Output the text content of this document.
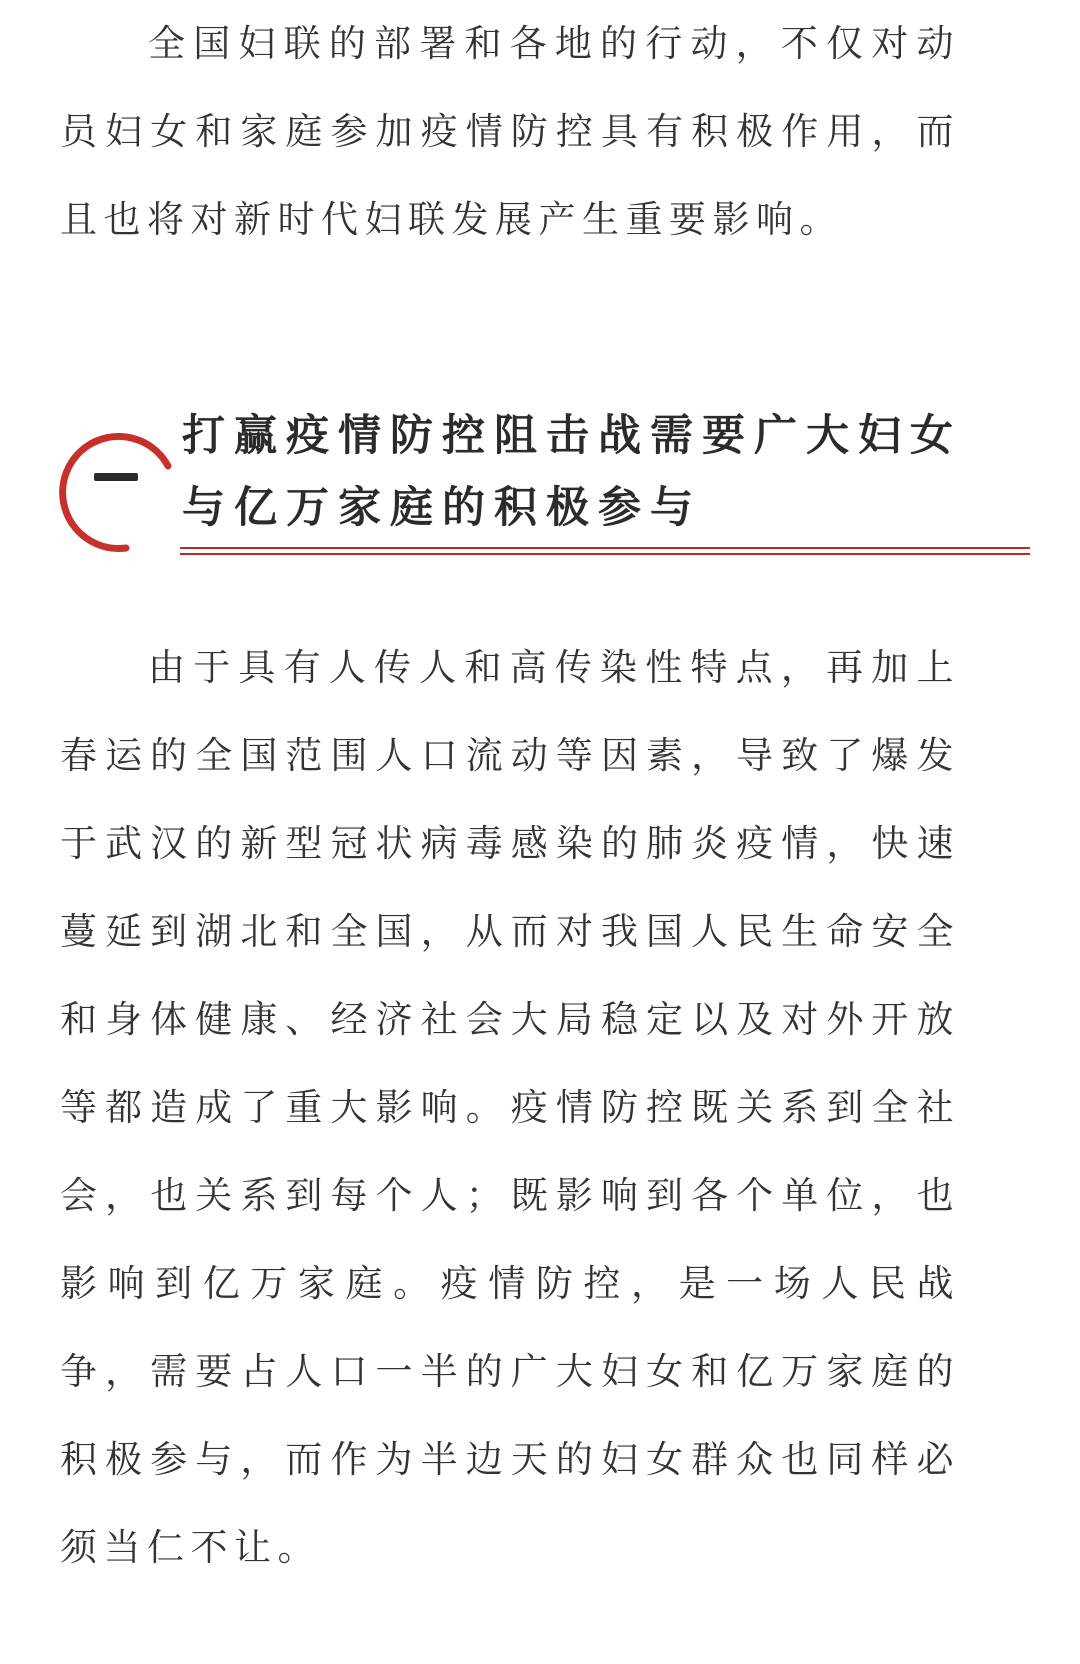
全国妇联的部署和各地的行动，不仅对动员妇女和家庭参加疫情防控具有积极作用，而且也将对新时代妇联发展产生重要影响。

打赢疫情防控阻击战需要广大妇女与亿万家庭的积极参与

由于具有人传人和高传染性特点，再加上春运的全国范围人口流动等因素，导致了爆发于武汉的新型冠状病毒感染的肺炎疫情，快速蔓延到湖北和全国，从而对我国人民生命安全和身体健康、经济社会大局稳定以及对外开放等都造成了重大影响。疫情防控既关系到全社会，也关系到每个人；既影响到各个单位，也影响到亿万家庭。疫情防控，是一场人民战争，需要占人口一半的广大妇女和亿万家庭的积极参与，而作为半边天的妇女群众也同样必须当仁不让。
